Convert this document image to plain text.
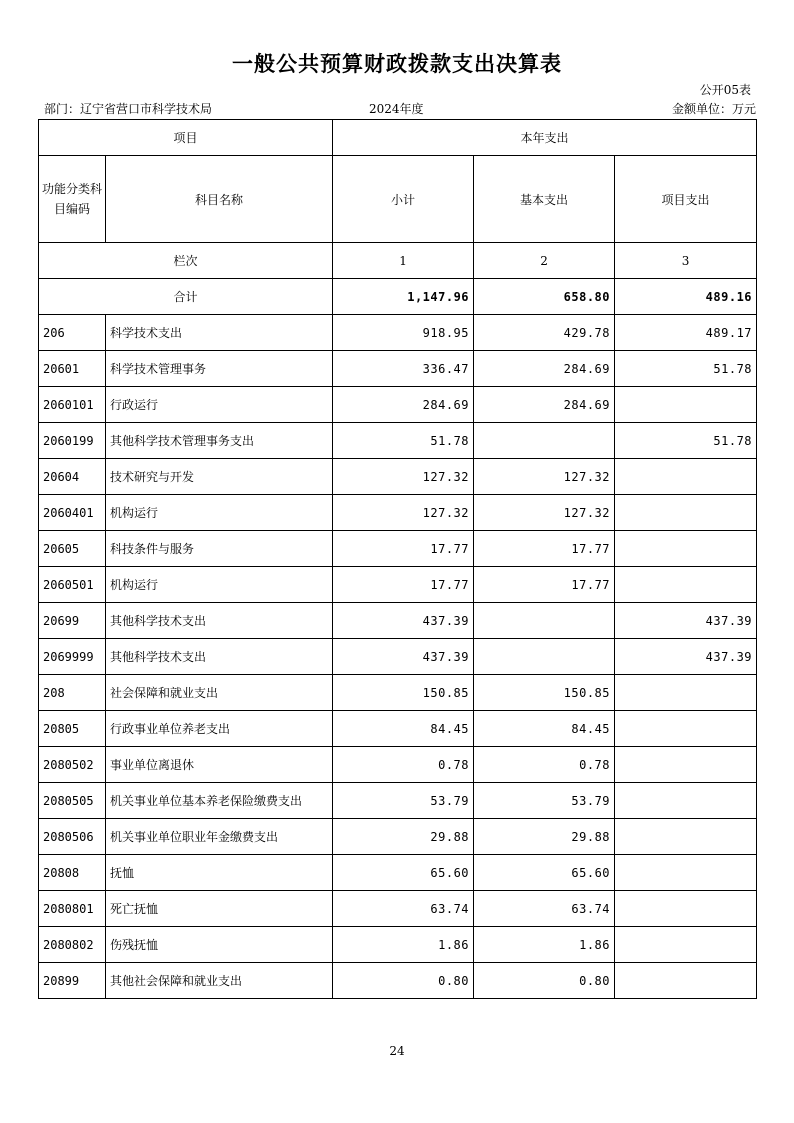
一般公共预算财政拨款支出决算表
公开05表
部门：辽宁省营口市科学技术局	2024年度	金额单位：万元
项目		本年支出		
功能分类科目编码	科目名称	小计	基本支出	项目支出
栏次		1	2	3
合计		1,147.96	658.80	489.16
206	科学技术支出	918.95	429.78	489.17
20601	科学技术管理事务	336.47	284.69	51.78
2060101	行政运行	284.69	284.69	
2060199	其他科学技术管理事务支出	51.78		51.78
20604	技术研究与开发	127.32	127.32	
2060401	机构运行	127.32	127.32	
20605	科技条件与服务	17.77	17.77	
2060501	机构运行	17.77	17.77	
20699	其他科学技术支出	437.39		437.39
2069999	其他科学技术支出	437.39		437.39
208	社会保障和就业支出	150.85	150.85	
20805	行政事业单位养老支出	84.45	84.45	
2080502	事业单位离退休	0.78	0.78	
2080505	机关事业单位基本养老保险缴费支出	53.79	53.79	
2080506	机关事业单位职业年金缴费支出	29.88	29.88	
20808	抚恤	65.60	65.60	
2080801	死亡抚恤	63.74	63.74	
2080802	伤残抚恤	1.86	1.86	
20899	其他社会保障和就业支出	0.80	0.80	
24
